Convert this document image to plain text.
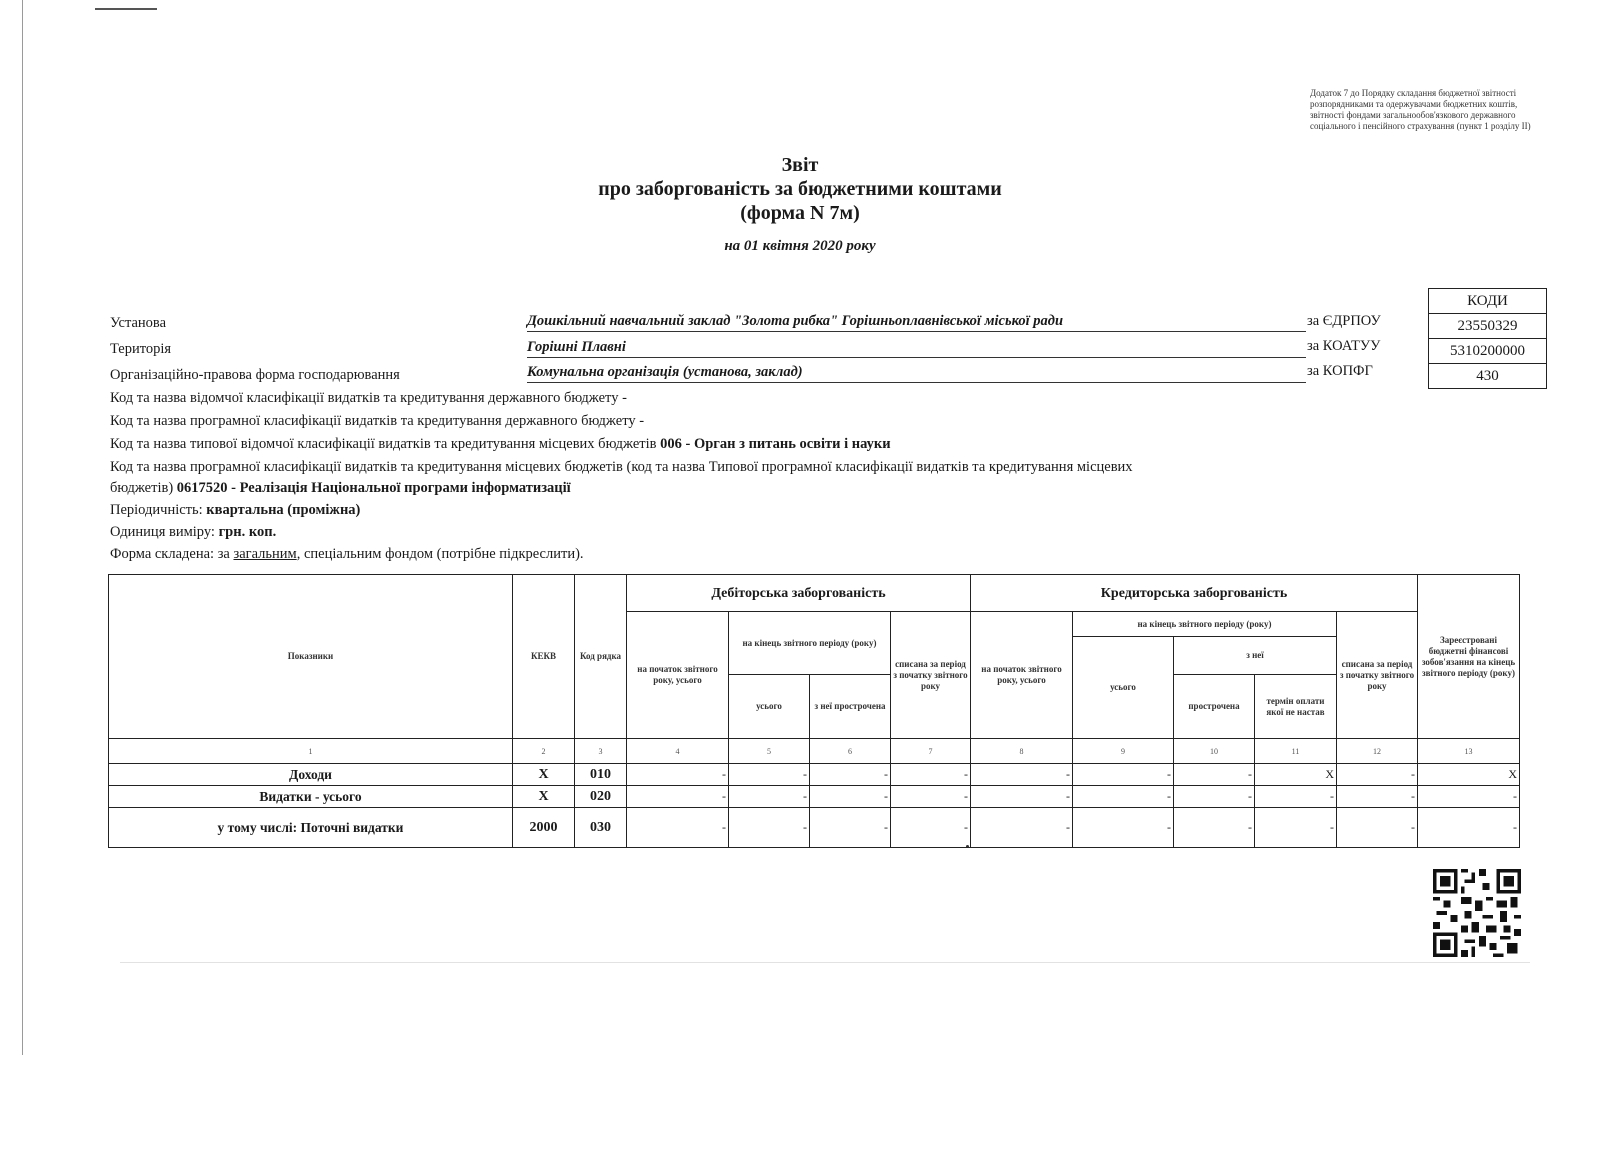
Додаток 7 до Порядку складання бюджетної звітності розпорядниками та одержувачами бюджетних коштів, звітності фондами загальнообов'язкового державного соціального і пенсійного страхування (пункт 1 розділу II)
Звіт
про заборгованість за бюджетними коштами
(форма N 7м)
на 01 квітня 2020 року
КОДИ
23550329
5310200000
430
Установа	Дошкільний навчальний заклад "Золота рибка" Горішньоплавнівської міської ради	за ЄДРПОУ
Територія	Горішні Плавні	за КОАТУУ
Організаційно-правова форма господарювання	Комунальна організація (установа, заклад)	за КОПФГ
Код та назва відомчої класифікації видатків та кредитування державного бюджету -
Код та назва програмної класифікації видатків та кредитування державного бюджету -
Код та назва типової відомчої класифікації видатків та кредитування місцевих бюджетів 006 - Орган з питань освіти і науки
Код та назва програмної класифікації видатків та кредитування місцевих бюджетів (код та назва Типової програмної класифікації видатків та кредитування місцевих
бюджетів) 0617520 - Реалізація Національної програми інформатизації
Періодичність: квартальна (проміжна)
Одиниця виміру: грн. коп.
Форма складена: за загальним, спеціальним фондом (потрібне підкреслити).
Показники	КЕКВ	Код рядка	Дебіторська заборгованість				Кредиторська заборгованість					Зареєстровані бюджетні фінансові зобов'язання на кінець звітного періоду (року)
			на початок звітного року, усього	на кінець звітного періоду (року)		списана за період з початку звітного року	на початок звітного року, усього	на кінець звітного періоду (року)			списана за період з початку звітного року	
								усього	з неї			
				усього	з неї прострочена				прострочена	термін оплати якої не настав		
1	2	3	4	5	6	7	8	9	10	11	12	13
Доходи	X	010	-	-	-	-	-	-	-	X	-	X
Видатки - усього	X	020	-	-	-	-	-	-	-	-	-	-
у тому числі: Поточні видатки	2000	030	-	-	-	-	-	-	-	-	-	-
